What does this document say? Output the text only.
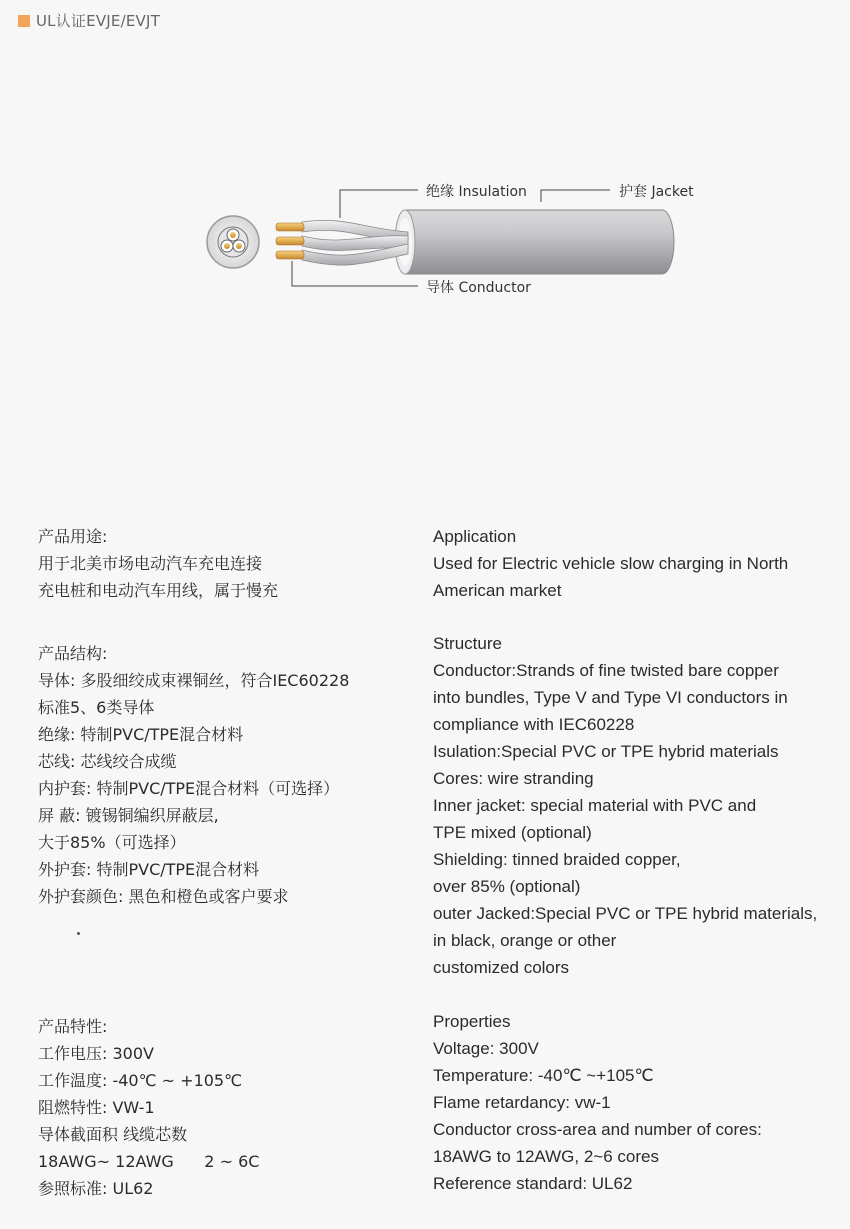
UL认证EVJE/EVJT
绝缘 Insulation	护套 Jacket
导体 Conductor
产品用途:
用于北美市场电动汽车充电连接
充电桩和电动汽车用线，属于慢充
Application
Used for Electric vehicle slow charging in North
American market
产品结构:
导体: 多股细绞成束裸铜丝，符合IEC60228
标准5、6类导体
绝缘: 特制PVC/TPE混合材料
芯线: 芯线绞合成缆
内护套: 特制PVC/TPE混合材料（可选择）
屏 蔽: 镀锡铜编织屏蔽层,
大于85%（可选择）
外护套: 特制PVC/TPE混合材料
外护套颜色: 黑色和橙色或客户要求
Structure
Conductor:Strands of fine twisted bare copper
into bundles, Type V and Type VI conductors in
compliance with IEC60228
Isulation:Special PVC or TPE hybrid materials
Cores: wire stranding
Inner jacket: special material with PVC and
TPE mixed (optional)
Shielding: tinned braided copper,
over 85% (optional)
outer Jacked:Special PVC or TPE hybrid materials,
in black, orange or other
customized colors
产品特性:
工作电压: 300V
工作温度: -40℃ ~ +105℃
阻燃特性: VW-1
导体截面积 线缆芯数
18AWG~ 12AWG      2 ~ 6C
参照标准: UL62
Properties
Voltage: 300V
Temperature: -40℃ ~+105℃
Flame retardancy: vw-1
Conductor cross-area and number of cores:
18AWG to 12AWG, 2~6 cores
Reference standard: UL62
